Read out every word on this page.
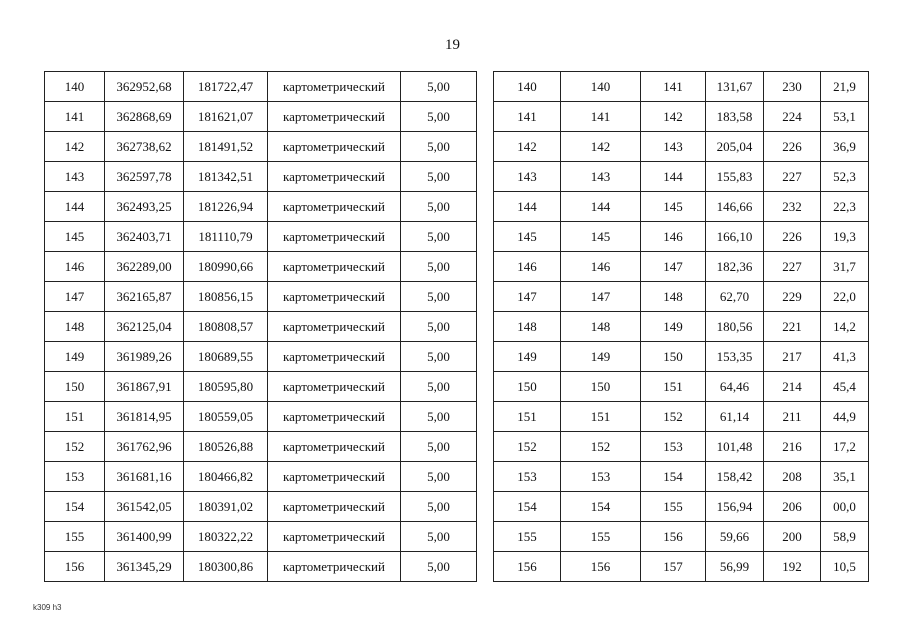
19
140	362952,68	181722,47	картометрический	5,00
141	362868,69	181621,07	картометрический	5,00
142	362738,62	181491,52	картометрический	5,00
143	362597,78	181342,51	картометрический	5,00
144	362493,25	181226,94	картометрический	5,00
145	362403,71	181110,79	картометрический	5,00
146	362289,00	180990,66	картометрический	5,00
147	362165,87	180856,15	картометрический	5,00
148	362125,04	180808,57	картометрический	5,00
149	361989,26	180689,55	картометрический	5,00
150	361867,91	180595,80	картометрический	5,00
151	361814,95	180559,05	картометрический	5,00
152	361762,96	180526,88	картометрический	5,00
153	361681,16	180466,82	картометрический	5,00
154	361542,05	180391,02	картометрический	5,00
155	361400,99	180322,22	картометрический	5,00
156	361345,29	180300,86	картометрический	5,00
140	140	141	131,67	230	21,9
141	141	142	183,58	224	53,1
142	142	143	205,04	226	36,9
143	143	144	155,83	227	52,3
144	144	145	146,66	232	22,3
145	145	146	166,10	226	19,3
146	146	147	182,36	227	31,7
147	147	148	62,70	229	22,0
148	148	149	180,56	221	14,2
149	149	150	153,35	217	41,3
150	150	151	64,46	214	45,4
151	151	152	61,14	211	44,9
152	152	153	101,48	216	17,2
153	153	154	158,42	208	35,1
154	154	155	156,94	206	00,0
155	155	156	59,66	200	58,9
156	156	157	56,99	192	10,5
k309 h3
